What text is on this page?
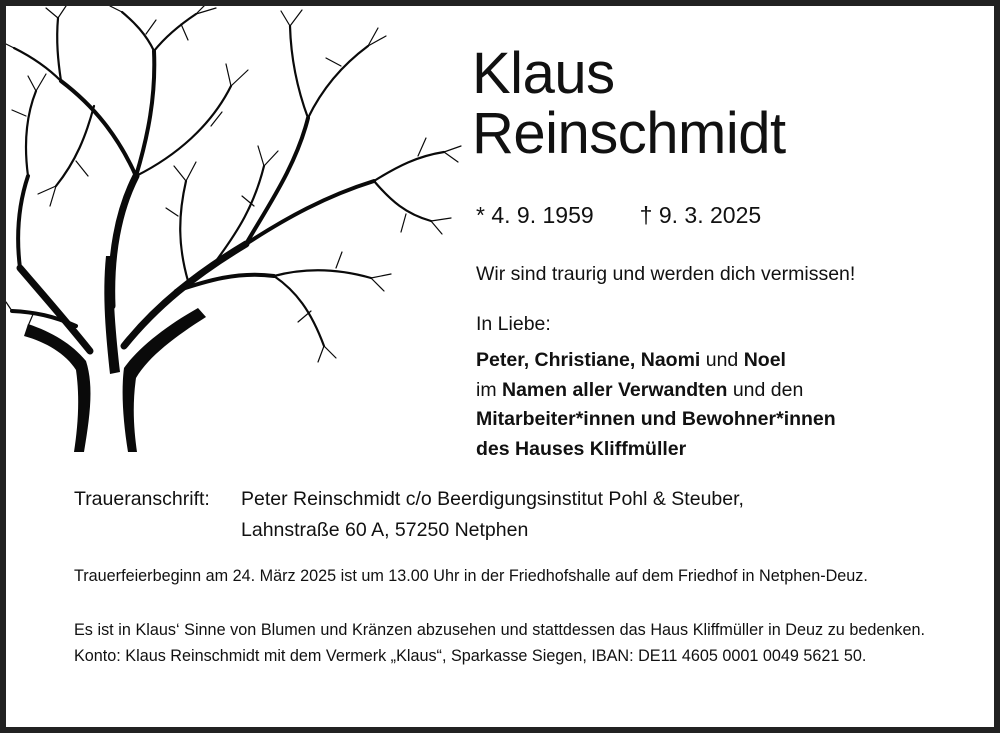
Klaus
Reinschmidt
* 4. 9. 1959 † 9. 3. 2025
Wir sind traurig und werden dich vermissen!
In Liebe:
Peter, Christiane, Naomi und Noel
im Namen aller Verwandten und den
Mitarbeiter*innen und Bewohner*innen
des Hauses Kliffmüller
Traueranschrift:	Peter Reinschmidt c/o Beerdigungsinstitut Pohl & Steuber,
Lahnstraße 60 A, 57250 Netphen

Trauerfeierbeginn am 24. März 2025 ist um 13.00 Uhr in der Friedhofshalle auf dem Friedhof in Netphen-Deuz.

Es ist in Klaus‘ Sinne von Blumen und Kränzen abzusehen und stattdessen das Haus Kliffmüller in Deuz zu bedenken. Konto: Klaus Reinschmidt mit dem Vermerk „Klaus“, Sparkasse Siegen, IBAN: DE11 4605 0001 0049 5621 50.
